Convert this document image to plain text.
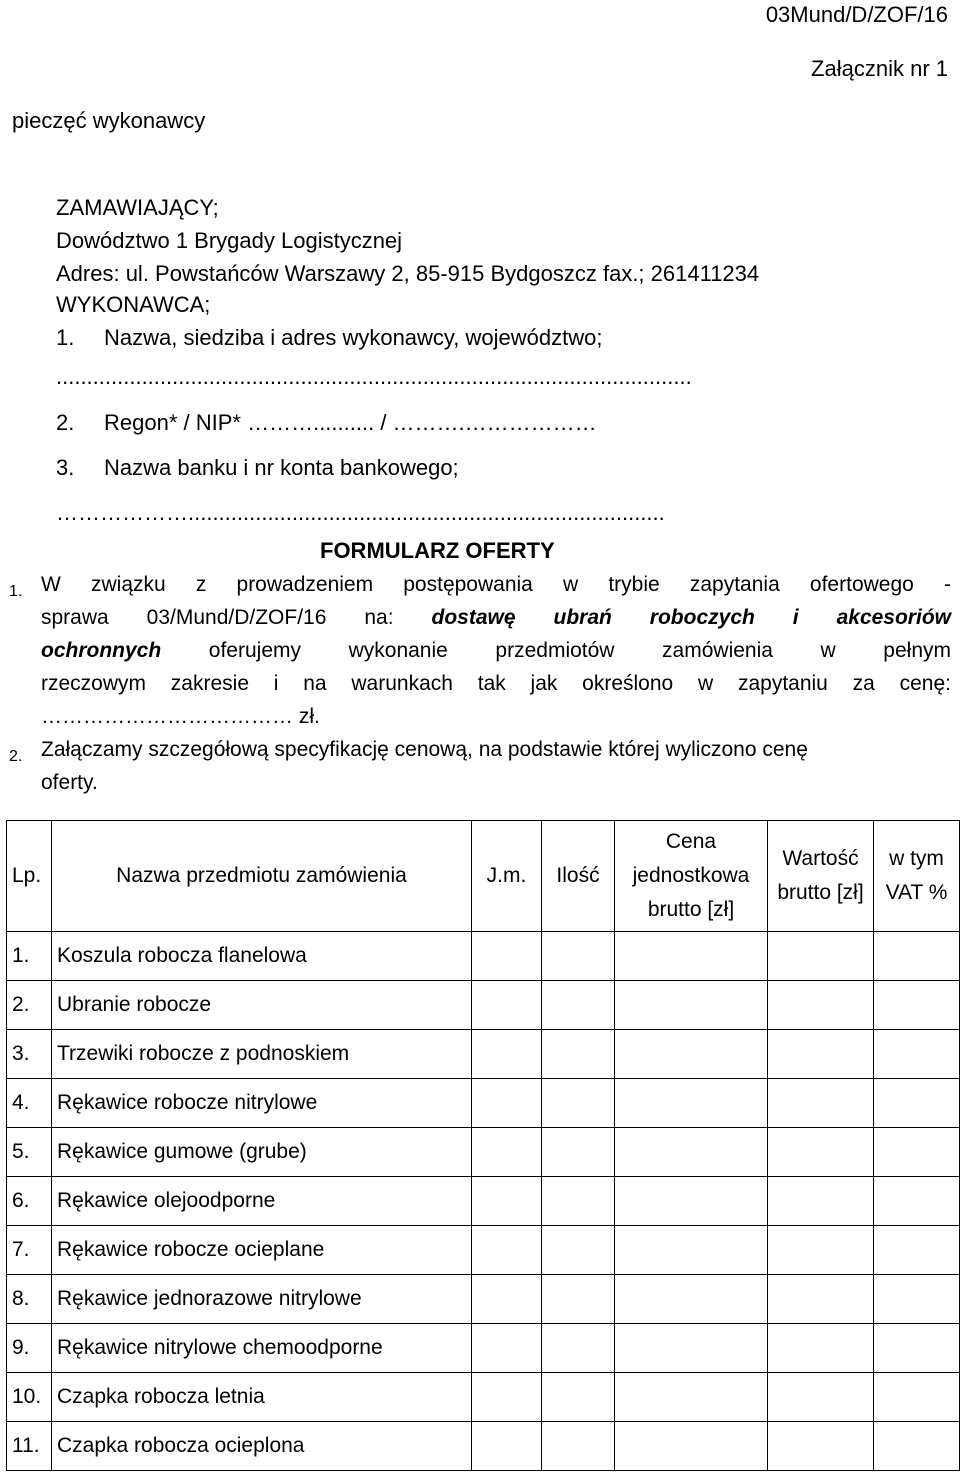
03Mund/D/ZOF/16
Załącznik nr 1
pieczęć wykonawcy
ZAMAWIAJĄCY;
Dowództwo 1 Brygady Logistycznej
Adres: ul. Powstańców Warszawy 2, 85-915 Bydgoszcz fax.; 261411234
WYKONAWCA;
1. Nazwa, siedziba i adres wykonawcy, województwo;
........................................................................................................
2. Regon* / NIP* ……….......... / ……….………………
3. Nazwa banku i nr konta bankowego;
………………..............................................................................
FORMULARZ OFERTY
1. W związku z prowadzeniem postępowania w trybie zapytania ofertowego -
sprawa 03/Mund/D/ZOF/16 na: dostawę ubrań roboczych i akcesoriów
ochronnych oferujemy wykonanie przedmiotów zamówienia w pełnym
rzeczowym zakresie i na warunkach tak jak określono w zapytaniu za cenę:
……………………………… zł.
2. Załączamy szczegółową specyfikację cenową, na podstawie której wyliczono cenę
oferty.
Lp.	Nazwa przedmiotu zamówienia	J.m.	Ilość	Cena jednostkowa brutto [zł]	Wartość brutto [zł]	w tym VAT %
1.	Koszula robocza flanelowa					
2.	Ubranie robocze					
3.	Trzewiki robocze z podnoskiem					
4.	Rękawice robocze nitrylowe					
5.	Rękawice gumowe (grube)					
6.	Rękawice olejoodporne					
7.	Rękawice robocze ocieplane					
8.	Rękawice jednorazowe nitrylowe					
9.	Rękawice nitrylowe chemoodporne					
10.	Czapka robocza letnia					
11.	Czapka robocza ocieplona					
